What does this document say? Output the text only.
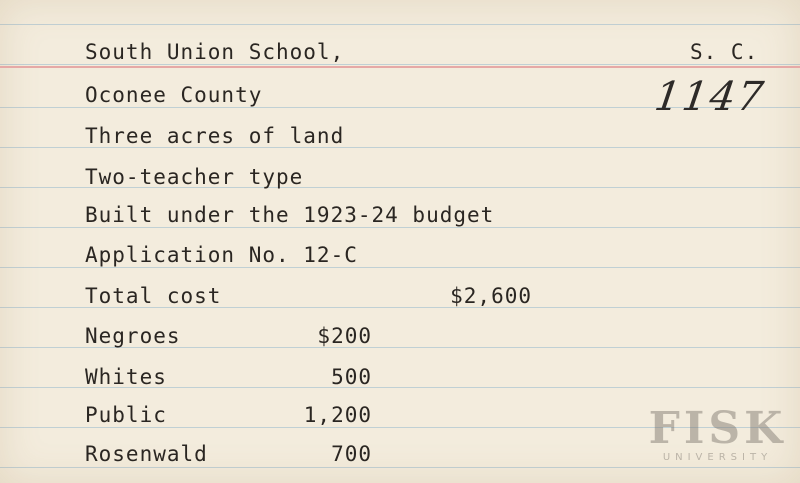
South Union School,	S. C.
1147
Oconee County
Three acres of land
Two-teacher type
Built under the 1923-24 budget
Application No. 12-C
Total cost	$2,600
Negroes	$200
Whites	500
Public	1,200
Rosenwald	700	FISK
UNIVERSITY
